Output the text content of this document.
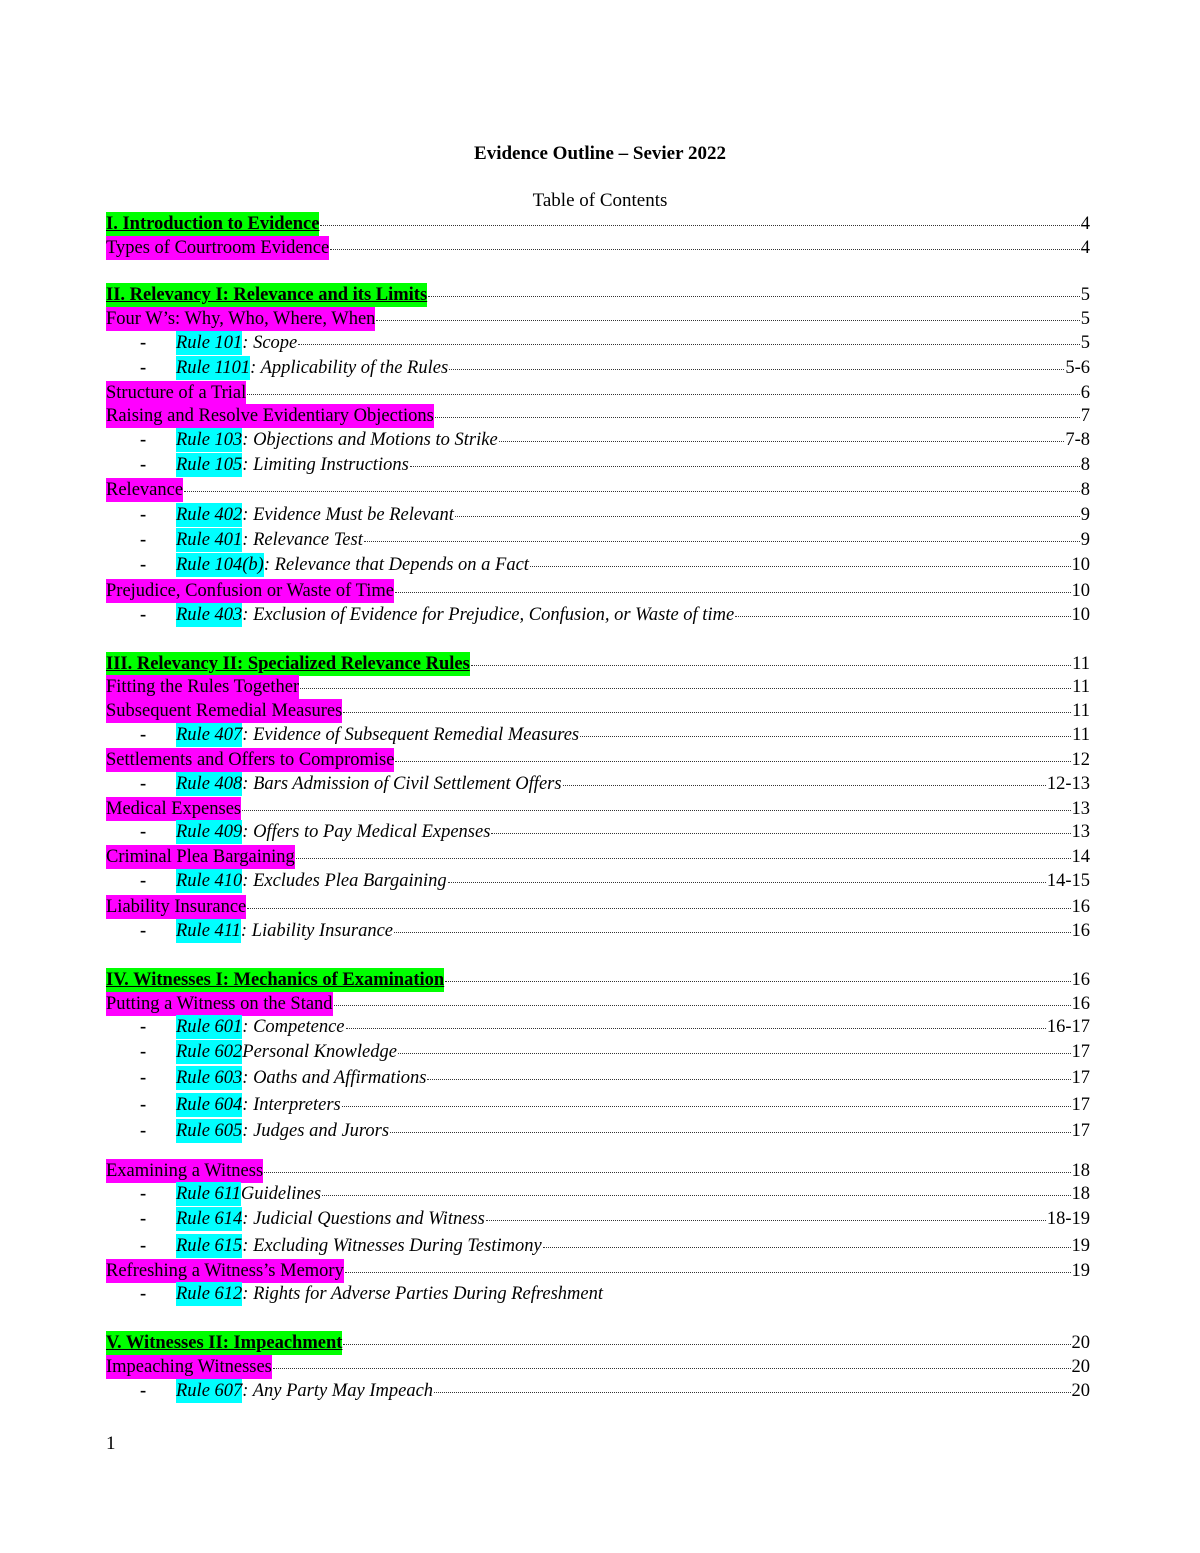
Evidence Outline – Sevier 2022
Table of Contents
I. Introduction to Evidence	4
Types of Courtroom Evidence	4
II. Relevancy I: Relevance and its Limits	5
Four W’s: Why, Who, Where, When	5
-	Rule 101 : Scope	5
-	Rule 1101 : Applicability of the Rules	5-6
Structure of a Trial	6
Raising and Resolve Evidentiary Objections	7
-	Rule 103 : Objections and Motions to Strike	7-8
-	Rule 105 : Limiting Instructions	8
Relevance	8
-	Rule 402 : Evidence Must be Relevant	9
-	Rule 401 : Relevance Test	9
-	Rule 104(b) : Relevance that Depends on a Fact	10
Prejudice, Confusion or Waste of Time	10
-	Rule 403 : Exclusion of Evidence for Prejudice, Confusion, or Waste of time	10
III. Relevancy II: Specialized Relevance Rules	11
Fitting the Rules Together	11
Subsequent Remedial Measures	11
-	Rule 407 : Evidence of Subsequent Remedial Measures	11
Settlements and Offers to Compromise	12
-	Rule 408 : Bars Admission of Civil Settlement Offers	12-13
Medical Expenses	13
-	Rule 409 : Offers to Pay Medical Expenses	13
Criminal Plea Bargaining	14
-	Rule 410 : Excludes Plea Bargaining	14-15
Liability Insurance	16
-	Rule 411 : Liability Insurance	16
IV. Witnesses I: Mechanics of Examination	16
Putting a Witness on the Stand	16
-	Rule 601 : Competence	16-17
-	Rule 602 Personal Knowledge	17
-	Rule 603 : Oaths and Affirmations	17
-	Rule 604 : Interpreters	17
-	Rule 605 : Judges and Jurors	17
Examining a Witness	18
-	Rule 611 Guidelines	18
-	Rule 614 : Judicial Questions and Witness	18-19
-	Rule 615 : Excluding Witnesses During Testimony	19
Refreshing a Witness’s Memory	19
-	Rule 612 : Rights for Adverse Parties During Refreshment
V. Witnesses II: Impeachment	20
Impeaching Witnesses	20
-	Rule 607 : Any Party May Impeach	20
1
